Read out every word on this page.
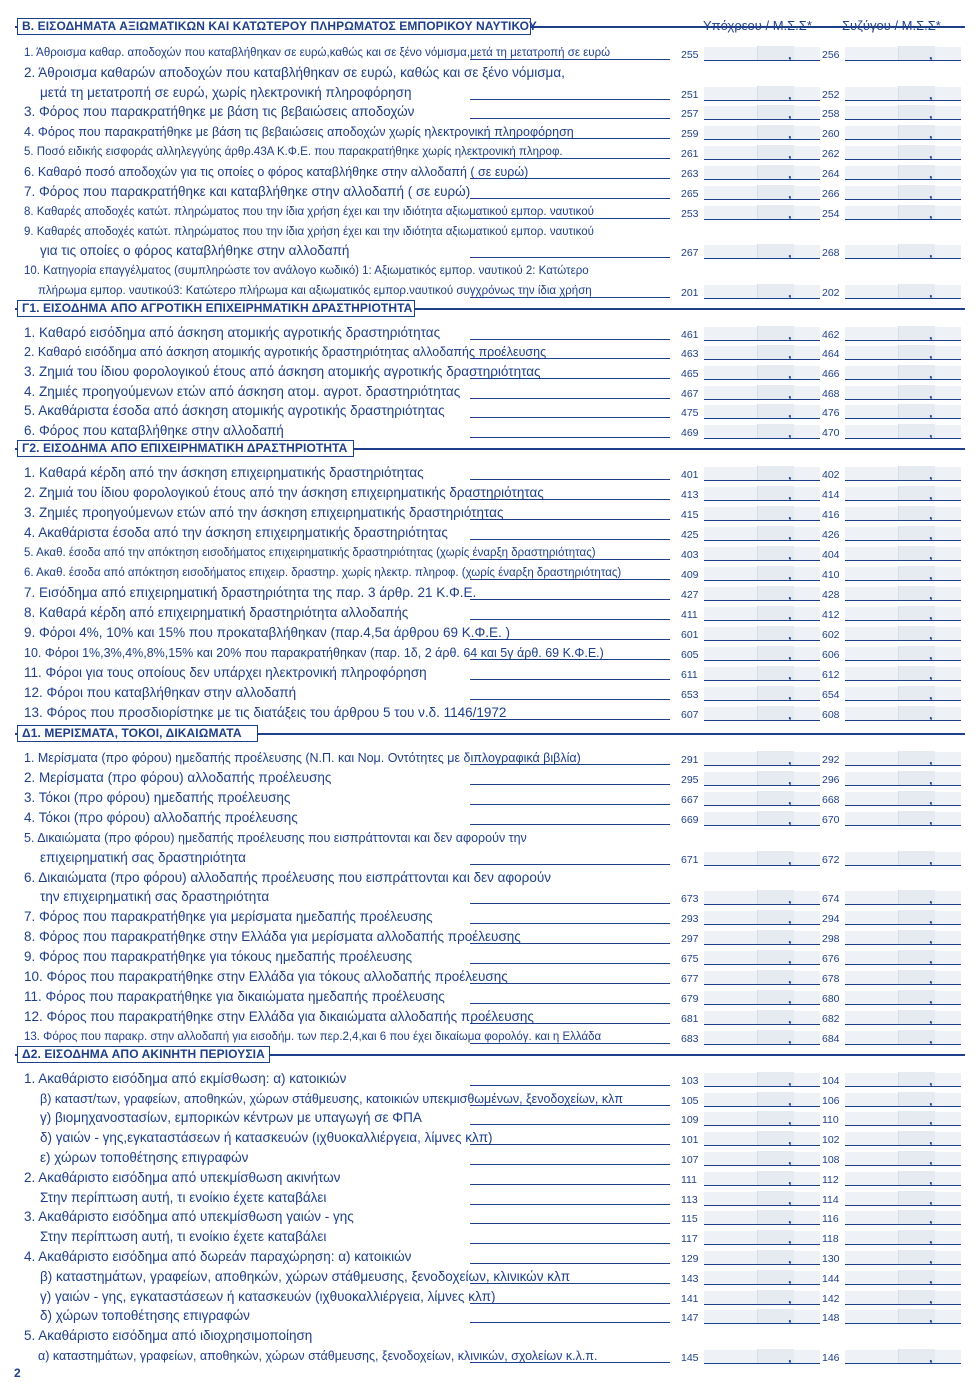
Υπόχρεου / Μ.Σ.Σ* Συζύγου / Μ.Σ.Σ*
Β. ΕΙΣΟΔΗΜΑΤΑ ΑΞΙΩΜΑΤΙΚΩΝ ΚΑΙ ΚΑΤΩΤΕΡΟΥ ΠΛΗΡΩΜΑΤΟΣ ΕΜΠΟΡΙΚΟΥ ΝΑΥΤΙΚΟΥ
1. Άθροισμα καθαρ. αποδοχών που καταβλήθηκαν σε ευρώ,καθώς και σε ξένο νόμισμα,μετά τη μετατροπή σε ευρώ	255	,	256	,
2. Άθροισμα καθαρών αποδοχών που καταβλήθηκαν σε ευρώ, καθώς και σε ξένο νόμισμα,
μετά τη μετατροπή σε ευρώ, χωρίς ηλεκτρονική πληροφόρηση	251	,	252	,
3. Φόρος που παρακρατήθηκε με βάση τις βεβαιώσεις αποδοχών	257	,	258	,
4. Φόρος που παρακρατήθηκε με βάση τις βεβαιώσεις αποδοχών χωρίς ηλεκτρονική πληροφόρηση	259	,	260	,
5. Ποσό ειδικής εισφοράς αλληλεγγύης άρθρ.43Α Κ.Φ.Ε. που παρακρατήθηκε χωρίς ηλεκτρονική πληροφ.	261	,	262	,
6. Καθαρό ποσό αποδοχών για τις οποίες ο φόρος καταβλήθηκε στην αλλοδαπή ( σε ευρώ)	263	,	264	,
7. Φόρος που παρακρατήθηκε και καταβλήθηκε στην αλλοδαπή ( σε ευρώ)	265	,	266	,
8. Καθαρές αποδοχές κατώτ. πληρώματος που την ίδια χρήση έχει και την ιδιότητα αξιωματικού εμπορ. ναυτικού	253	,	254	,
9. Καθαρές αποδοχές κατώτ. πληρώματος που την ίδια χρήση έχει και την ιδιότητα αξιωματικού εμπορ. ναυτικού
για τις οποίες ο φόρος καταβλήθηκε στην αλλοδαπή	267	,	268	,
10. Κατηγορία επαγγέλματος (συμπληρώστε τον ανάλογο κωδικό) 1: Αξιωματικός εμπορ. ναυτικού 2: Κατώτερο
πλήρωμα εμπορ. ναυτικού3: Κατώτερο πλήρωμα και αξιωματικός εμπορ.ναυτικού συγχρόνως την ίδια χρήση	201	,	202	,
Γ1. ΕΙΣΟΔΗΜΑ ΑΠΟ ΑΓΡΟΤΙΚΗ ΕΠΙΧΕΙΡΗΜΑΤΙΚΗ ΔΡΑΣΤΗΡΙΟΤΗΤΑ
1. Καθαρό εισόδημα από άσκηση ατομικής αγροτικής δραστηριότητας	461	,	462	,
2. Καθαρό εισόδημα από άσκηση ατομικής αγροτικής δραστηριότητας αλλοδαπής προέλευσης	463	,	464	,
3. Ζημιά του ίδιου φορολογικού έτους από άσκηση ατομικής αγροτικής δραστηριότητας	465	,	466	,
4. Ζημιές προηγούμενων ετών από άσκηση ατομ. αγροτ. δραστηριότητας	467	,	468	,
5. Ακαθάριστα έσοδα από άσκηση ατομικής αγροτικής δραστηριότητας	475	,	476	,
6. Φόρος που καταβλήθηκε στην αλλοδαπή	469	,	470	,
Γ2. ΕΙΣΟΔΗΜΑ ΑΠΟ ΕΠΙΧΕΙΡΗΜΑΤΙΚΗ ΔΡΑΣΤΗΡΙΟΤΗΤΑ
1. Καθαρά κέρδη από την άσκηση επιχειρηματικής δραστηριότητας	401	,	402	,
2. Ζημιά του ίδιου φορολογικού έτους από την άσκηση επιχειρηματικής δραστηριότητας	413	,	414	,
3. Ζημιές προηγούμενων ετών από την άσκηση επιχειρηματικής δραστηριότητας	415	,	416	,
4. Ακαθάριστα έσοδα από την άσκηση επιχειρηματικής δραστηριότητας	425	,	426	,
5. Ακαθ. έσοδα από την απόκτηση εισοδήματος επιχειρηματικής δραστηριότητας (χωρίς έναρξη δραστηριότητας)	403	,	404	,
6. Ακαθ. έσοδα από απόκτηση εισοδήματος επιχειρ. δραστηρ. χωρίς ηλεκτρ. πληροφ. (χωρίς έναρξη δραστηριότητας)	409	,	410	,
7. Εισόδημα από επιχειρηματική δραστηριότητα της παρ. 3 άρθρ. 21 Κ.Φ.Ε.	427	,	428	,
8. Καθαρά κέρδη από επιχειρηματική δραστηριότητα αλλοδαπής	411	,	412	,
9. Φόροι 4%, 10% και 15% που προκαταβλήθηκαν (παρ.4,5α άρθρου 69 Κ.Φ.Ε. )	601	,	602	,
10. Φόροι 1%,3%,4%,8%,15% και 20% που παρακρατήθηκαν (παρ. 1δ, 2 άρθ. 64 και 5γ άρθ. 69 Κ.Φ.Ε.)	605	,	606	,
11. Φόροι για τους οποίους δεν υπάρχει ηλεκτρονική πληροφόρηση	611	,	612	,
12. Φόροι που καταβλήθηκαν στην αλλοδαπή	653	,	654	,
13. Φόρος που προσδιορίστηκε με τις διατάξεις του άρθρου 5 του ν.δ. 1146/1972	607	,	608	,
Δ1. ΜΕΡΙΣΜΑΤΑ, ΤΟΚΟΙ, ΔΙΚΑΙΩΜΑΤΑ
1. Μερίσματα (προ φόρου) ημεδαπής προέλευσης (Ν.Π. και Νομ. Οντότητες με διπλογραφικά βιβλία)	291	,	292	,
2. Μερίσματα (προ φόρου) αλλοδαπής προέλευσης	295	,	296	,
3. Τόκοι (προ φόρου) ημεδαπής προέλευσης	667	,	668	,
4. Τόκοι (προ φόρου) αλλοδαπής προέλευσης	669	,	670	,
5. Δικαιώματα (προ φόρου) ημεδαπής προέλευσης που εισπράττονται και δεν αφορούν την
επιχειρηματική σας δραστηριότητα	671	,	672	,
6. Δικαιώματα (προ φόρου) αλλοδαπής προέλευσης που εισπράττονται και δεν αφορούν
την επιχειρηματική σας δραστηριότητα	673	,	674	,
7. Φόρος που παρακρατήθηκε για μερίσματα ημεδαπής προέλευσης	293	,	294	,
8. Φόρος που παρακρατήθηκε στην Ελλάδα για μερίσματα αλλοδαπής προέλευσης	297	,	298	,
9. Φόρος που παρακρατήθηκε για τόκους ημεδαπής προέλευσης	675	,	676	,
10. Φόρος που παρακρατήθηκε στην Ελλάδα για τόκους αλλοδαπής προέλευσης	677	,	678	,
11. Φόρος που παρακρατήθηκε για δικαιώματα ημεδαπής προέλευσης	679	,	680	,
12. Φόρος που παρακρατήθηκε στην Ελλάδα για δικαιώματα αλλοδαπής προέλευσης	681	,	682	,
13. Φόρος που παρακρ. στην αλλοδαπή για εισοδήμ. των περ.2,4,και 6 που έχει δικαίωμα φορολόγ. και η Ελλάδα	683	,	684	,
Δ2. ΕΙΣΟΔΗΜΑ ΑΠΟ ΑΚΙΝΗΤΗ ΠΕΡΙΟΥΣΙΑ
1. Ακαθάριστο εισόδημα από εκμίσθωση: α) κατοικιών	103	,	104	,
β) καταστ/των, γραφείων, αποθηκών, χώρων στάθμευσης, κατοικιών υπεκμισθωμένων, ξενοδοχείων, κλπ	105	,	106	,
γ) βιομηχανοστασίων, εμπορικών κέντρων με υπαγωγή σε ΦΠΑ	109	,	110	,
δ) γαιών - γης,εγκαταστάσεων ή κατασκευών (ιχθυοκαλλιέργεια, λίμνες κλπ)	101	,	102	,
ε) χώρων τοποθέτησης επιγραφών	107	,	108	,
2. Ακαθάριστο εισόδημα από υπεκμίσθωση ακινήτων	111	,	112	,
Στην περίπτωση αυτή, τι ενοίκιο έχετε καταβάλει	113	,	114	,
3. Ακαθάριστο εισόδημα από υπεκμίσθωση γαιών - γης	115	,	116	,
Στην περίπτωση αυτή, τι ενοίκιο έχετε καταβάλει	117	,	118	,
4. Ακαθάριστο εισόδημα από δωρεάν παραχώρηση: α) κατοικιών	129	,	130	,
β) καταστημάτων, γραφείων, αποθηκών, χώρων στάθμευσης, ξενοδοχείων, κλινικών κλπ	143	,	144	,
γ) γαιών - γης, εγκαταστάσεων ή κατασκευών (ιχθυοκαλλιέργεια, λίμνες κλπ)	141	,	142	,
δ) χώρων τοποθέτησης επιγραφών	147	,	148	,
5. Ακαθάριστο εισόδημα από ιδιοχρησιμοποίηση
α) καταστημάτων, γραφείων, αποθηκών, χώρων στάθμευσης, ξενοδοχείων, κλινικών, σχολείων κ.λ.π.	145	,	146	,
2
